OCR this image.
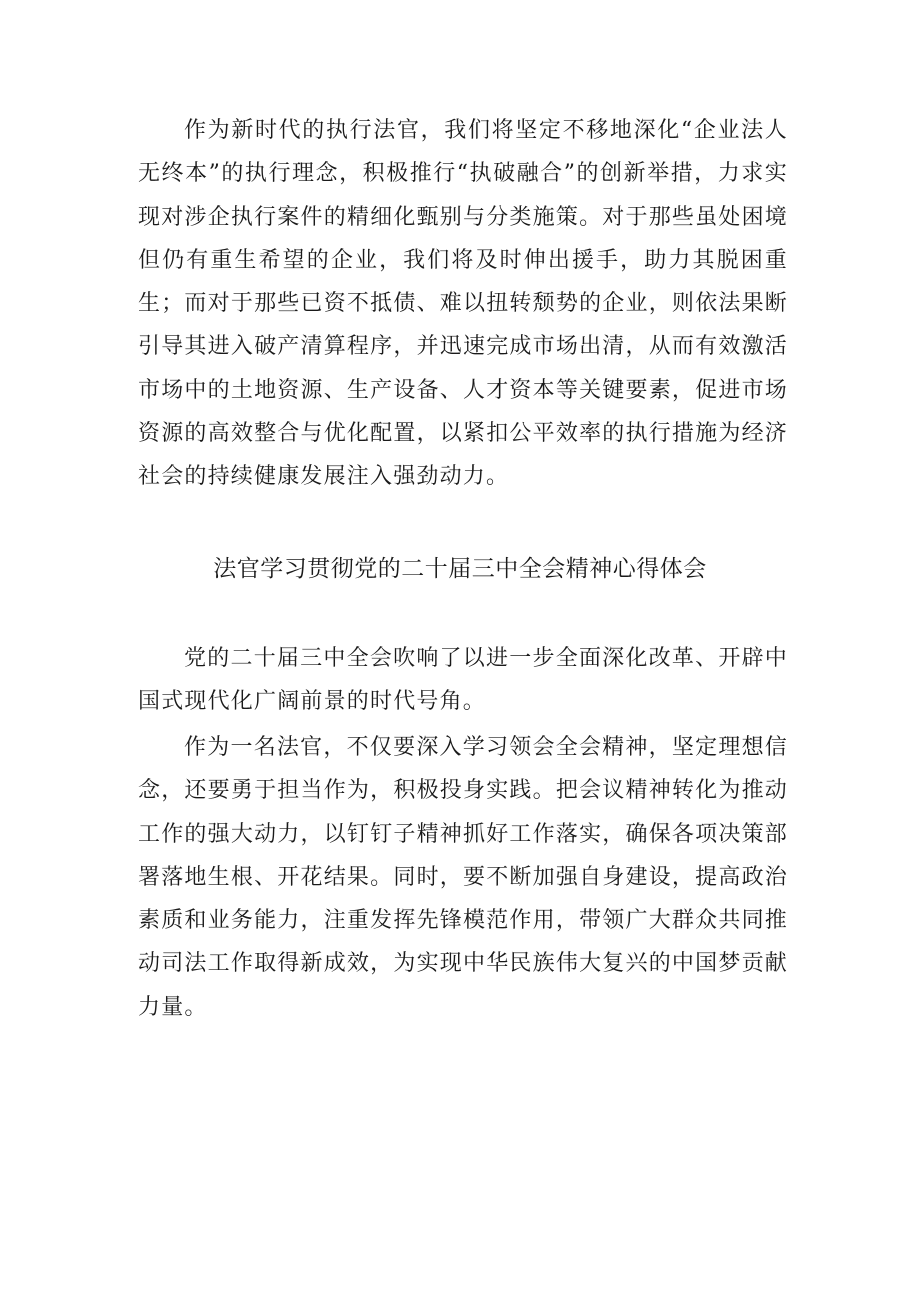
作为新时代的执行法官，我们将坚定不移地深化“企业法人无终本”的执行理念，积极推行“执破融合”的创新举措，力求实现对涉企执行案件的精细化甄别与分类施策。对于那些虽处困境但仍有重生希望的企业，我们将及时伸出援手，助力其脱困重生；而对于那些已资不抵债、难以扭转颓势的企业，则依法果断引导其进入破产清算程序，并迅速完成市场出清，从而有效激活市场中的土地资源、生产设备、人才资本等关键要素，促进市场资源的高效整合与优化配置，以紧扣公平效率的执行措施为经济社会的持续健康发展注入强劲动力。

法官学习贯彻党的二十届三中全会精神心得体会

党的二十届三中全会吹响了以进一步全面深化改革、开辟中国式现代化广阔前景的时代号角。

作为一名法官，不仅要深入学习领会全会精神，坚定理想信念，还要勇于担当作为，积极投身实践。把会议精神转化为推动工作的强大动力，以钉钉子精神抓好工作落实，确保各项决策部署落地生根、开花结果。同时，要不断加强自身建设，提高政治素质和业务能力，注重发挥先锋模范作用，带领广大群众共同推动司法工作取得新成效，为实现中华民族伟大复兴的中国梦贡献力量。
